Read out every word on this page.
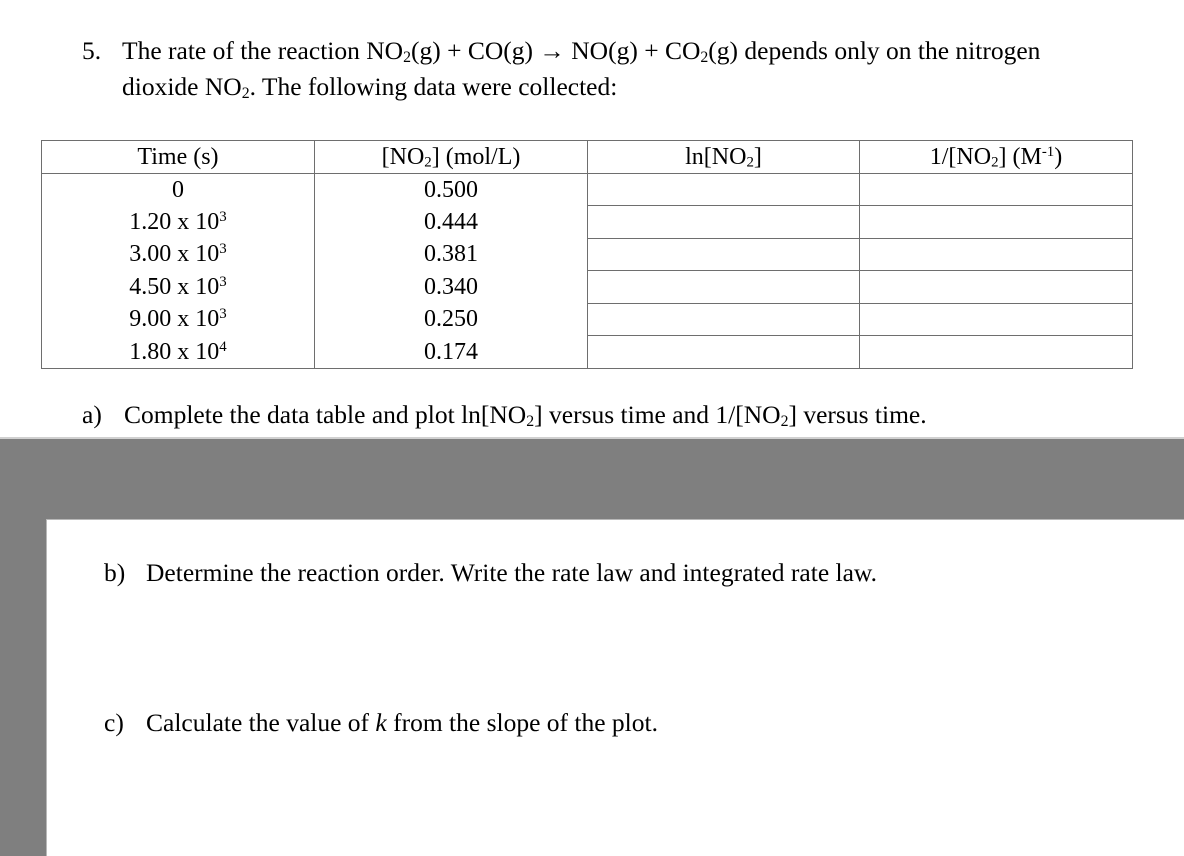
5. The rate of the reaction $NO_2(g) + CO(g) \to NO(g) + CO_2(g)$ depends only on the nitrogen
dioxide $NO_2$. The following data were collected:
Time (s)	$[NO_2]$ (mol/L)	$\ln[NO_2]$	$1/[NO_2]$ $(M^{-1})$
0	0.500		
1.20 x $10^3$	0.444		
3.00 x $10^3$	0.381		
4.50 x $10^3$	0.340		
9.00 x $10^3$	0.250		
1.80 x $10^4$	0.174		
a) Complete the data table and plot $\ln[NO_2]$ versus time and $1/[NO_2]$ versus time.
b) Determine the reaction order. Write the rate law and integrated rate law.
c) Calculate the value of k from the slope of the plot.
